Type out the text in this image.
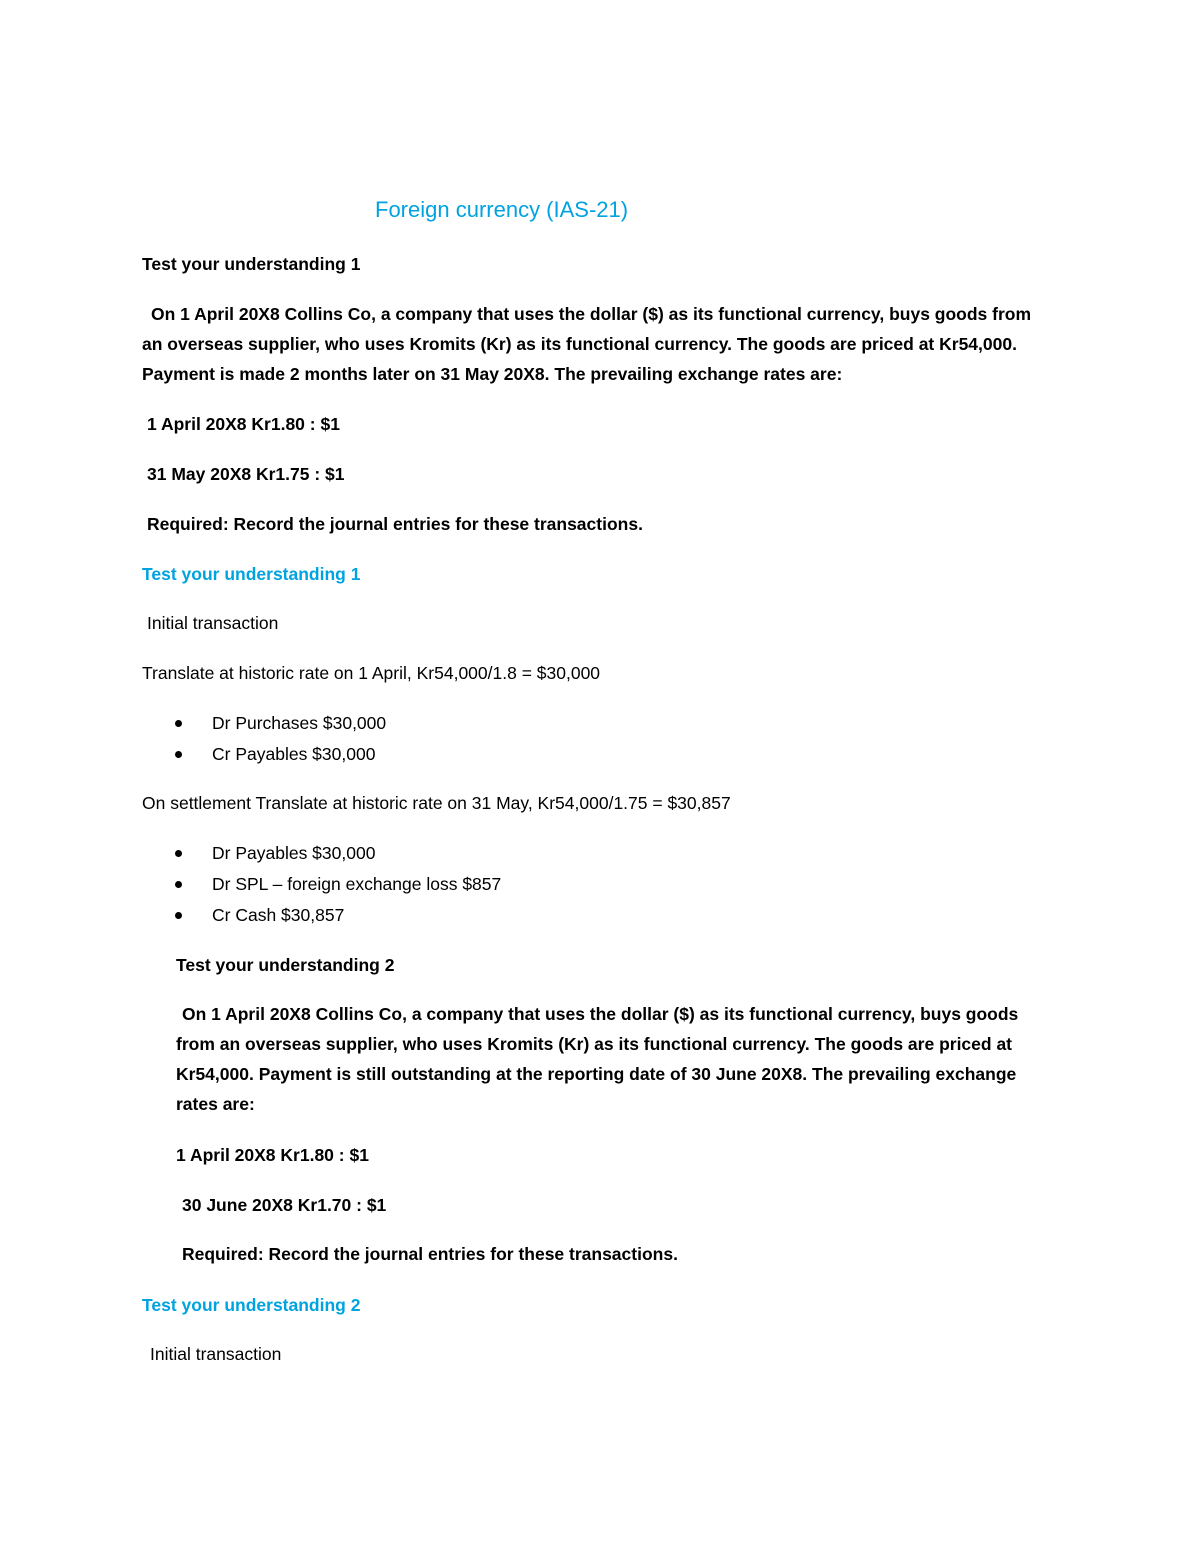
Foreign currency (IAS-21)

Test your understanding 1

On 1 April 20X8 Collins Co, a company that uses the dollar ($) as its functional currency, buys goods from an overseas supplier, who uses Kromits (Kr) as its functional currency. The goods are priced at Kr54,000. Payment is made 2 months later on 31 May 20X8. The prevailing exchange rates are:

1 April 20X8 Kr1.80 : $1

31 May 20X8 Kr1.75 : $1

Required: Record the journal entries for these transactions.

Test your understanding 1

Initial transaction

Translate at historic rate on 1 April, Kr54,000/1.8 = $30,000

Dr Purchases $30,000
Cr Payables $30,000

On settlement Translate at historic rate on 31 May, Kr54,000/1.75 = $30,857

Dr Payables $30,000
Dr SPL – foreign exchange loss $857
Cr Cash $30,857

Test your understanding 2

On 1 April 20X8 Collins Co, a company that uses the dollar ($) as its functional currency, buys goods from an overseas supplier, who uses Kromits (Kr) as its functional currency. The goods are priced at Kr54,000. Payment is still outstanding at the reporting date of 30 June 20X8. The prevailing exchange rates are:

1 April 20X8 Kr1.80 : $1

30 June 20X8 Kr1.70 : $1

Required: Record the journal entries for these transactions.

Test your understanding 2

Initial transaction
